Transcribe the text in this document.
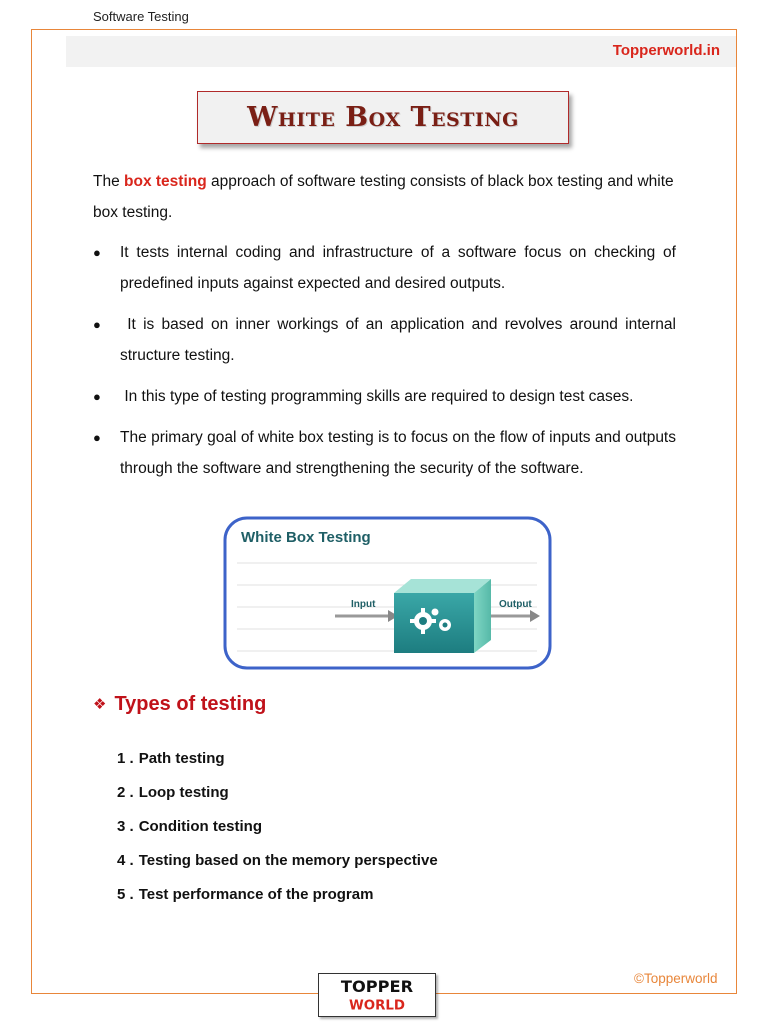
Software Testing
Topperworld.in
White Box Testing
The box testing approach of software testing consists of black box testing and white box testing.
● It tests internal coding and infrastructure of a software focus on checking of predefined inputs against expected and desired outputs.
● It is based on inner workings of an application and revolves around internal structure testing.
● In this type of testing programming skills are required to design test cases.
● The primary goal of white box testing is to focus on the flow of inputs and outputs through the software and strengthening the security of the software.
White Box Testing
Input	Output
❖ Types of testing
1 . Path testing
2 . Loop testing
3 . Condition testing
4 . Testing based on the memory perspective
5 . Test performance of the program
©Topperworld
TOPPER
WORLD
